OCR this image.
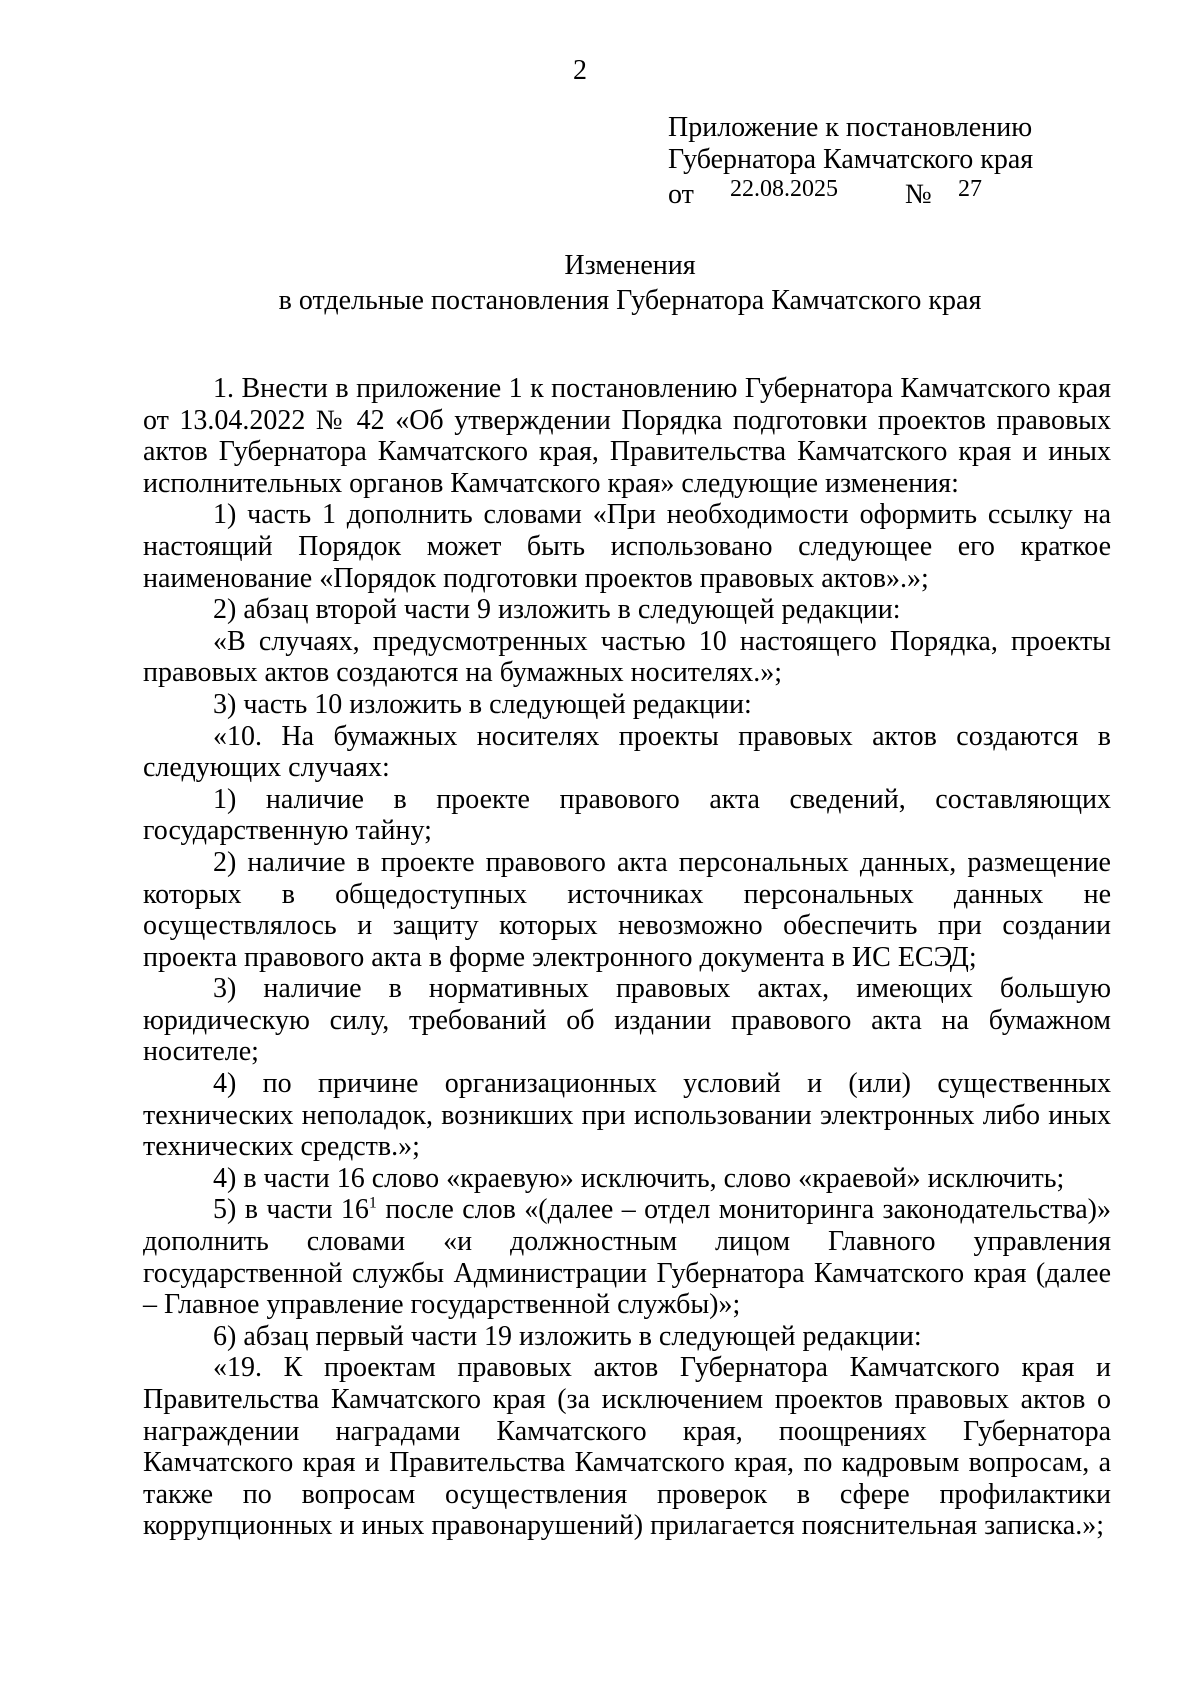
2
Приложение к постановлению
Губернатора Камчатского края
от 22.08.2025 № 27
Изменения
в отдельные постановления Губернатора Камчатского края

1. Внести в приложение 1 к постановлению Губернатора Камчатского края от 13.04.2022 № 42 «Об утверждении Порядка подготовки проектов правовых актов Губернатора Камчатского края, Правительства Камчатского края и иных исполнительных органов Камчатского края» следующие изменения:

1) часть 1 дополнить словами «При необходимости оформить ссылку на настоящий Порядок может быть использовано следующее его краткое наименование «Порядок подготовки проектов правовых актов».»;

2) абзац второй части 9 изложить в следующей редакции:

«В случаях, предусмотренных частью 10 настоящего Порядка, проекты правовых актов создаются на бумажных носителях.»;

3) часть 10 изложить в следующей редакции:

«10. На бумажных носителях проекты правовых актов создаются в следующих случаях:

1) наличие в проекте правового акта сведений, составляющих государственную тайну;

2) наличие в проекте правового акта персональных данных, размещение которых в общедоступных источниках персональных данных не осуществлялось и защиту которых невозможно обеспечить при создании проекта правового акта в форме электронного документа в ИС ЕСЭД;

3) наличие в нормативных правовых актах, имеющих большую юридическую силу, требований об издании правового акта на бумажном носителе;

4) по причине организационных условий и (или) существенных технических неполадок, возникших при использовании электронных либо иных технических средств.»;

4) в части 16 слово «краевую» исключить, слово «краевой» исключить;

5) в части $16^1$ после слов «(далее – отдел мониторинга законодательства)» дополнить словами «и должностным лицом Главного управления государственной службы Администрации Губернатора Камчатского края (далее – Главное управление государственной службы)»;

6) абзац первый части 19 изложить в следующей редакции:

«19. К проектам правовых актов Губернатора Камчатского края и Правительства Камчатского края (за исключением проектов правовых актов о награждении наградами Камчатского края, поощрениях Губернатора Камчатского края и Правительства Камчатского края, по кадровым вопросам, а также по вопросам осуществления проверок в сфере профилактики коррупционных и иных правонарушений) прилагается пояснительная записка.»;
